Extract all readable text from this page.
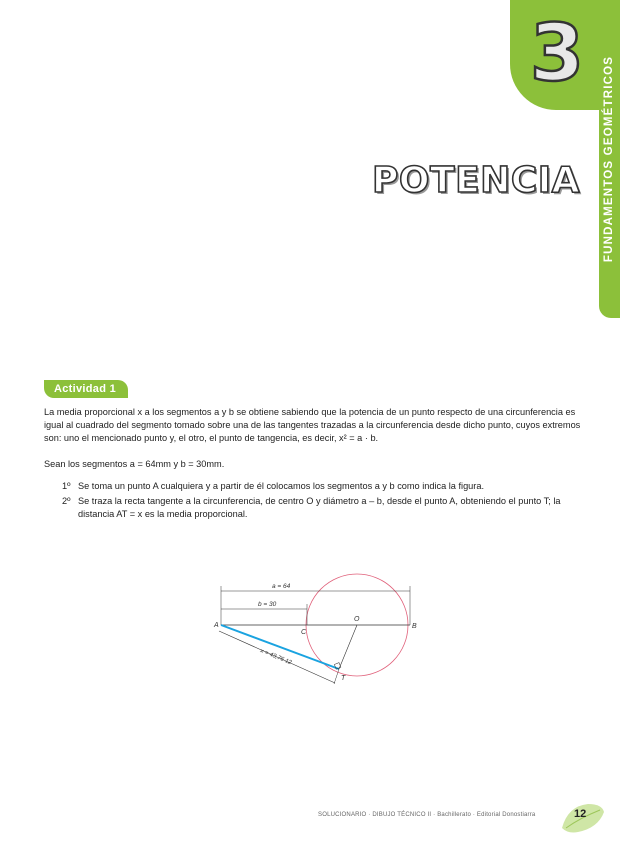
3
FUNDAMENTOS GEOMÉTRICOS
POTENCIA
Actividad 1

La media proporcional x a los segmentos a y b se obtiene sabiendo que la potencia de un punto respecto de una circunferencia es igual al cuadrado del segmento tomado sobre una de las tangentes trazadas a la circunferencia desde dicho punto, cuyos extremos son: uno el mencionado punto y, el otro, el punto de tangencia, es decir, x² = a · b.

Sean los segmentos a = 64mm y b = 30mm.

1º Se toma un punto A cualquiera y a partir de él colocamos los segmentos a y b como indica la figura.
2º Se traza la recta tangente a la circunferencia, de centro O y diámetro a – b, desde el punto A, obteniendo el punto T; la distancia AT = x es la media proporcional.
a = 64
b = 30
x = 43,76 12
A	B
C
O
T
SOLUCIONARIO · DIBUJO TÉCNICO II · Bachillerato · Editorial Donostiarra	12
